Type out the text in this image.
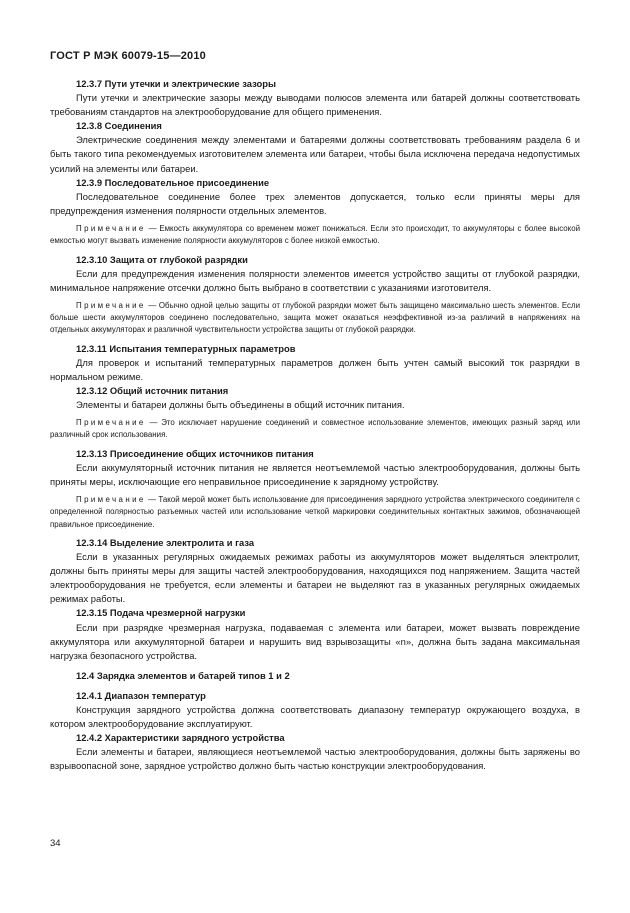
ГОСТ Р МЭК 60079-15—2010

12.3.7 Пути утечки и электрические зазоры

Пути утечки и электрические зазоры между выводами полюсов элемента или батарей должны соответствовать требованиям стандартов на электрооборудование для общего применения.

12.3.8 Соединения

Электрические соединения между элементами и батареями должны соответствовать требованиям раздела 6 и быть такого типа рекомендуемых изготовителем элемента или батареи, чтобы была исключена передача недопустимых усилий на элементы или батареи.

12.3.9 Последовательное присоединение

Последовательное соединение более трех элементов допускается, только если приняты меры для предупреждения изменения полярности отдельных элементов.

Примечание — Емкость аккумулятора со временем может понижаться. Если это происходит, то аккумуляторы с более высокой емкостью могут вызвать изменение полярности аккумуляторов с более низкой емкостью.

12.3.10 Защита от глубокой разрядки

Если для предупреждения изменения полярности элементов имеется устройство защиты от глубокой разрядки, минимальное напряжение отсечки должно быть выбрано в соответствии с указаниями изготовителя.

Примечание — Обычно одной целью защиты от глубокой разрядки может быть защищено максимально шесть элементов. Если больше шести аккумуляторов соединено последовательно, защита может оказаться неэффективной из-за различий в напряжениях на отдельных аккумуляторах и различной чувствительности устройства защиты от глубокой разрядки.

12.3.11 Испытания температурных параметров

Для проверок и испытаний температурных параметров должен быть учтен самый высокий ток разрядки в нормальном режиме.

12.3.12 Общий источник питания

Элементы и батареи должны быть объединены в общий источник питания.

Примечание — Это исключает нарушение соединений и совместное использование элементов, имеющих разный заряд или различный срок использования.

12.3.13 Присоединение общих источников питания

Если аккумуляторный источник питания не является неотъемлемой частью электрооборудования, должны быть приняты меры, исключающие его неправильное присоединение к зарядному устройству.

Примечание — Такой мерой может быть использование для присоединения зарядного устройства электрического соединителя с определенной полярностью разъемных частей или использование четкой маркировки соединительных контактных зажимов, обозначающей правильное присоединение.

12.3.14 Выделение электролита и газа

Если в указанных регулярных ожидаемых режимах работы из аккумуляторов может выделяться электролит, должны быть приняты меры для защиты частей электрооборудования, находящихся под напряжением. Защита частей электрооборудования не требуется, если элементы и батареи не выделяют газ в указанных регулярных ожидаемых режимах работы.

12.3.15 Подача чрезмерной нагрузки

Если при разрядке чрезмерная нагрузка, подаваемая с элемента или батареи, может вызвать повреждение аккумулятора или аккумуляторной батареи и нарушить вид взрывозащиты «n», должна быть задана максимальная нагрузка безопасного устройства.

12.4 Зарядка элементов и батарей типов 1 и 2

12.4.1 Диапазон температур

Конструкция зарядного устройства должна соответствовать диапазону температур окружающего воздуха, в котором электрооборудование эксплуатируют.

12.4.2 Характеристики зарядного устройства

Если элементы и батареи, являющиеся неотъемлемой частью электрооборудования, должны быть заряжены во взрывоопасной зоне, зарядное устройство должно быть частью конструкции электрооборудования.

34
